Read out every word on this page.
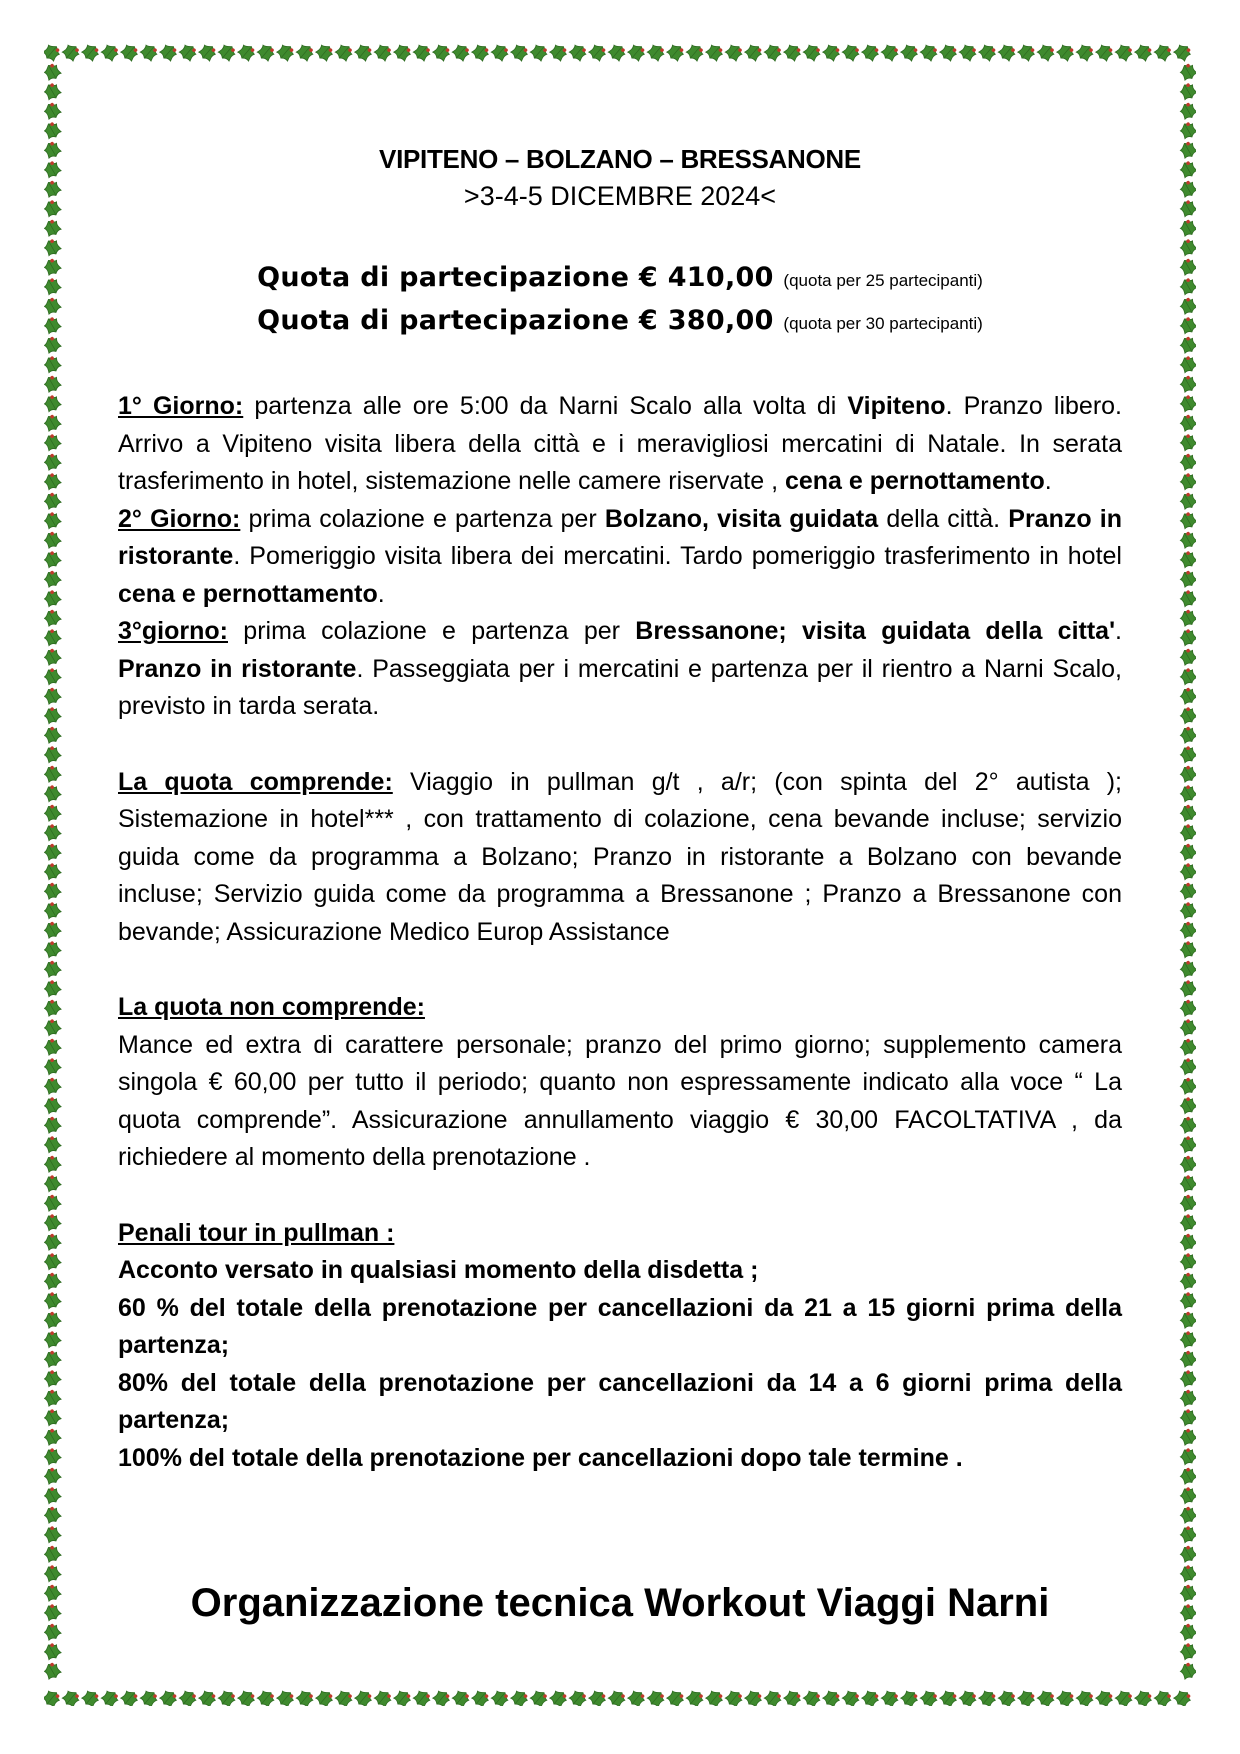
VIPITENO – BOLZANO – BRESSANONE

>3-4-5 DICEMBRE 2024<

Quota di partecipazione € 410,00 (quota per 25 partecipanti)
Quota di partecipazione € 380,00 (quota per 30 partecipanti)

1° Giorno: partenza alle ore 5:00 da Narni Scalo alla volta di Vipiteno. Pranzo libero. Arrivo a Vipiteno visita libera della città e i meravigliosi mercatini di Natale. In serata trasferimento in hotel, sistemazione nelle camere riservate , cena e pernottamento.

2° Giorno: prima colazione e partenza per Bolzano, visita guidata della città. Pranzo in ristorante. Pomeriggio visita libera dei mercatini. Tardo pomeriggio trasferimento in hotel cena e pernottamento.

3°giorno: prima colazione e partenza per Bressanone; visita guidata della citta'. Pranzo in ristorante. Passeggiata per i mercatini e partenza per il rientro a Narni Scalo, previsto in tarda serata.

La quota comprende: Viaggio in pullman g/t , a/r; (con spinta del 2° autista ); Sistemazione in hotel*** , con trattamento di colazione, cena bevande incluse; servizio guida come da programma a Bolzano; Pranzo in ristorante a Bolzano con bevande incluse; Servizio guida come da programma a Bressanone ; Pranzo a Bressanone con bevande; Assicurazione Medico Europ Assistance

La quota non comprende:

Mance ed extra di carattere personale; pranzo del primo giorno; supplemento camera singola € 60,00 per tutto il periodo; quanto non espressamente indicato alla voce “ La quota comprende”. Assicurazione annullamento viaggio € 30,00 FACOLTATIVA , da richiedere al momento della prenotazione .

Penali tour in pullman :

Acconto versato in qualsiasi momento della disdetta ;

60 % del totale della prenotazione per cancellazioni da 21 a 15 giorni prima della partenza;

80% del totale della prenotazione per cancellazioni da 14 a 6 giorni prima della partenza;

100% del totale della prenotazione per cancellazioni dopo tale termine .

Organizzazione tecnica Workout Viaggi Narni
